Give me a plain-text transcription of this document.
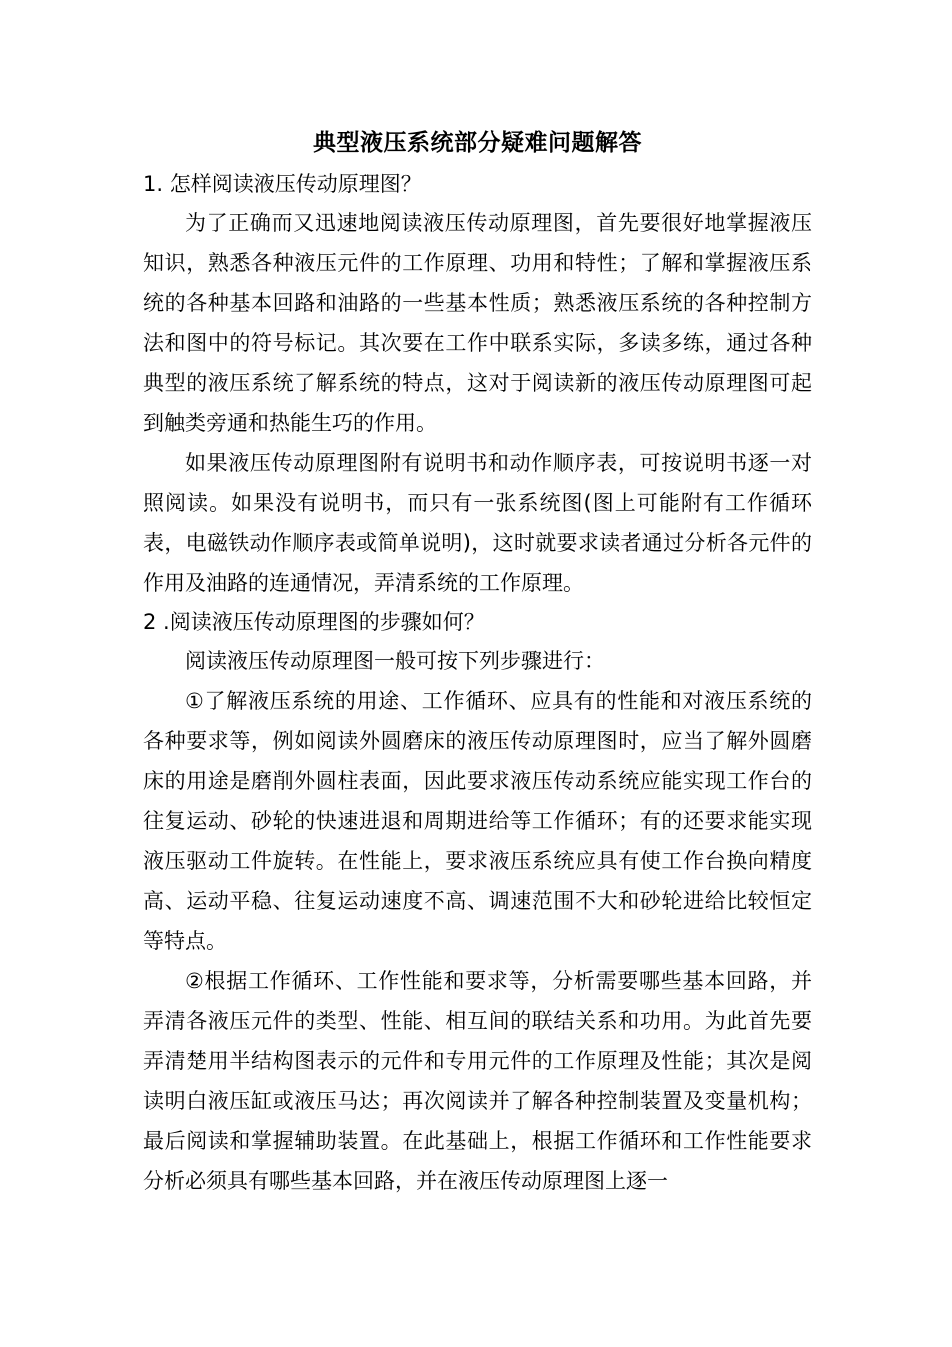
典型液压系统部分疑难问题解答

1. 怎样阅读液压传动原理图？

为了正确而又迅速地阅读液压传动原理图，首先要很好地掌握液压知识，熟悉各种液压元件的工作原理、功用和特性；了解和掌握液压系统的各种基本回路和油路的一些基本性质；熟悉液压系统的各种控制方法和图中的符号标记。其次要在工作中联系实际，多读多练，通过各种典型的液压系统了解系统的特点，这对于阅读新的液压传动原理图可起到触类旁通和热能生巧的作用。

如果液压传动原理图附有说明书和动作顺序表，可按说明书逐一对照阅读。如果没有说明书，而只有一张系统图(图上可能附有工作循环表，电磁铁动作顺序表或简单说明)，这时就要求读者通过分析各元件的作用及油路的连通情况，弄清系统的工作原理。

2 .阅读液压传动原理图的步骤如何？

阅读液压传动原理图一般可按下列步骤进行：

①了解液压系统的用途、工作循环、应具有的性能和对液压系统的各种要求等，例如阅读外圆磨床的液压传动原理图时，应当了解外圆磨床的用途是磨削外圆柱表面，因此要求液压传动系统应能实现工作台的往复运动、砂轮的快速进退和周期进给等工作循环；有的还要求能实现液压驱动工件旋转。在性能上，要求液压系统应具有使工作台换向精度高、运动平稳、往复运动速度不高、调速范围不大和砂轮进给比较恒定等特点。

②根据工作循环、工作性能和要求等，分析需要哪些基本回路，并弄清各液压元件的类型、性能、相互间的联结关系和功用。为此首先要弄清楚用半结构图表示的元件和专用元件的工作原理及性能；其次是阅读明白液压缸或液压马达；再次阅读并了解各种控制装置及变量机构；最后阅读和掌握辅助装置。在此基础上，根据工作循环和工作性能要求分析必须具有哪些基本回路，并在液压传动原理图上逐一
